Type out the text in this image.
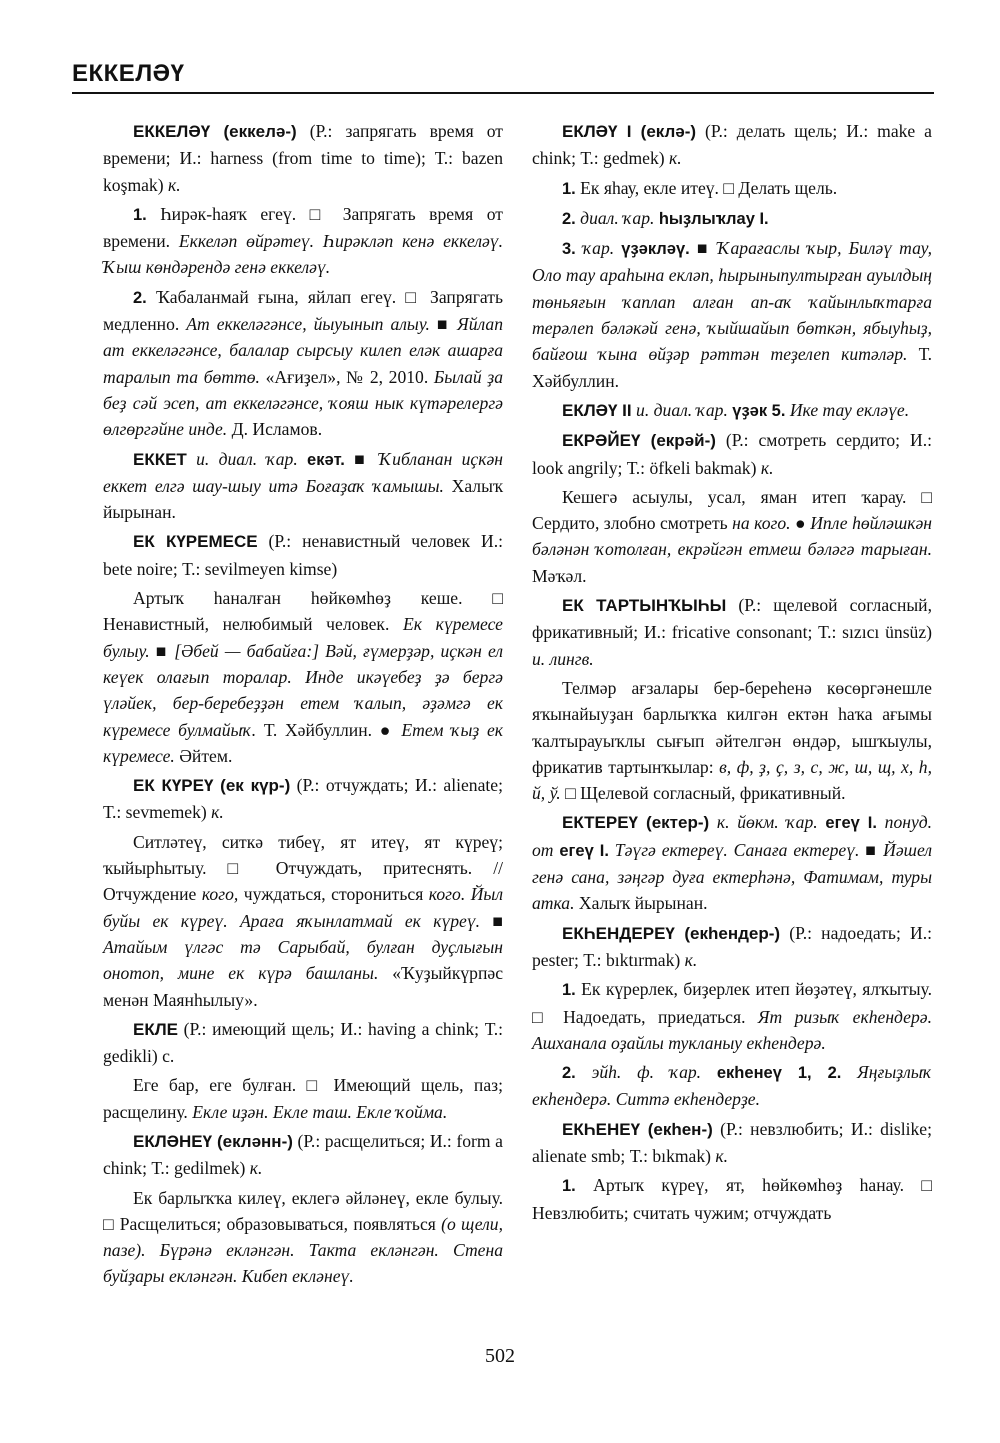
ЕККЕЛӘҮ

ЕККЕЛӘҮ (еккелә-) (Р.: запрягать время от времени; И.: harness (from time to time); Т.: bazen koşmak) к.

1. Һирәк-һаяҡ егеү. □ Запрягать время от времени. Еккеләп өйрәтеү. Һирәкләп кенә еккеләү. Ҡыш көндәрендә генә еккеләү.

2. Ҡабаланмай ғына, яйлап егеү. □ Запрягать медленно. Ат еккеләгәнсе, йыуынып алыу. ■ Яйлап ат еккеләгәнсе, балалар сырсыу килеп еләк ашарға таралып та бөттө. «Ағиҙел», № 2, 2010. Былай ҙа беҙ сәй эсеп, ат еккеләгәнсе, ҡояш нык күтәрелергә өлгөргәйне инде. Д. Исламов.

ЕККЕТ и. диал. ҡар. екәт. ■ Ҡибланан иҫкән еккет елгә шау-шыу итә Боғаҙаҡ ҡамышы. Халыҡ йырынан.

ЕК КҮРЕМЕСЕ (Р.: ненавистный человек И.: bete noire; Т.: sevilmeyen kimse)

Артыҡ һаналған һөйкөмһөҙ кеше. □ Ненавистный, нелюбимый человек. Ек күремесе булыу. ■ [Әбей — бабайға:] Вәй, ғүмерҙәр, иҫкән ел кеүек олағып торалар. Инде икәүебеҙ ҙә бергә үләйек, бер-беребеҙҙән етем ҡалып, әҙәмгә ек күремесе булмайыҡ. Т. Хәйбуллин. ● Етем ҡыҙ ек күремесе. Әйтем.

ЕК КҮРЕҮ (ек күр-) (Р.: отчуждать; И.: alienate; Т.: sevmemek) к.

Ситләтеү, ситкә тибеү, ят итеү, ят күреү; ҡыйырһытыу. □ Отчуждать, притеснять. // Отчуждение кого, чуждаться, сторониться кого. Йыл буйы ек күреү. Араға яҡынлатмай ек күреү. ■ Атайым үлгәс тә Сарыбай, булған дуҫлығын онотоп, мине ек күрә башланы. «Ҡуҙыйкүрпәс менән Маянһылыу».

ЕКЛЕ (Р.: имеющий щель; И.: having a chink; Т.: gedikli) с.

Еге бар, еге булған. □ Имеющий щель, паз; расщелину. Екле иҙән. Екле таш. Екле ҡойма.

ЕКЛӘНЕҮ (екләнн-) (Р.: расщелиться; И.: form a chink; Т.: gedilmek) к.

Ек барлыҡҡа килеү, еклегә әйләнеү, екле булыу. □ Расщелиться; образовываться, появляться (о щели, пазе). Бүрәнә екләнгән. Такта екләнгән. Стена буйҙары екләнгән. Кибеп екләнеү.

ЕКЛӘҮ I (еклә-) (Р.: делать щель; И.: make a chink; Т.: gedmek) к.

1. Ек яһау, екле итеү. □ Делать щель.

2. диал. ҡар. һыҙлыҡлау I.

3. ҡар. үҙәкләү. ■ Ҡарағаслы ҡыр, Биләү тау, Оло тау араһына екләп, һырыныпултырған ауылдың төньяғын ҡаплап алған ап-аҡ ҡайынлыҡтарға терәлеп бәләкәй генә, ҡыйшайып бөткән, ябыуһыҙ, байғош ҡына өйҙәр рәттән теҙелеп китәләр. Т. Хәйбуллин.

ЕКЛӘҮ II и. диал. ҡар. үҙәк 5. Ике тау екләүе.

ЕКРӘЙЕҮ (екрәй-) (Р.: смотреть сердито; И.: look angrily; Т.: öfkeli bakmak) к.

Кешегә асыулы, усал, яман итеп ҡарау. □ Сердито, злобно смотреть на кого. ● Ипле һөйләшкән бәләнән ҡотолған, екрәйгән етмеш бәләгә тарыған. Мәҡәл.

ЕК ТАРТЫНҠЫҺЫ (Р.: щелевой согласный, фрикативный; И.: fricative consonant; Т.: sızıcı ünsüz) и. лингв.

Телмәр ағзалары бер-береһенә көсөргәнешле яҡынайыуҙан барлыҡҡа килгән ектән һаҡа ағымы ҡалтырауыҡлы сығып әйтелгән өндәр, ышҡыулы, фрикатив тартынҡылар: в, ф, ҙ, ҫ, з, с, ж, ш, щ, х, һ, й, ў. □ Щелевой согласный, фрикативный.

ЕКТЕРЕҮ (ектер-) к. йөкм. ҡар. егеү I. понуд. от егеү I. Тәүгә ектереү. Санаға ектереү. ■ Йәшел генә сана, зәңгәр дуға ектерһәнә, Фатимам, туры атка. Халыҡ йырынан.

ЕКҺЕНДЕРЕҮ (екһендер-) (Р.: надоедать; И.: pester; Т.: bıktırmak) к.

1. Ек күрерлек, биҙерлек итеп йөҙәтеү, ялҡытыу. □ Надоедать, приедаться. Ят ризыҡ екһендерә. Ашханала оҙайлы тукланыу екһендерә.

2. эйһ. ф. ҡар. екһенеү 1, 2. Яңғыҙлыҡ екһендерә. Ситтә екһендерҙе.

ЕКҺЕНЕҮ (екһен-) (Р.: невзлюбить; И.: dislike; alienate smb; Т.: bıkmak) к.

1. Артыҡ күреү, ят, һөйкөмһөҙ һанау. □ Невзлюбить; считать чужим; отчуждать

502
